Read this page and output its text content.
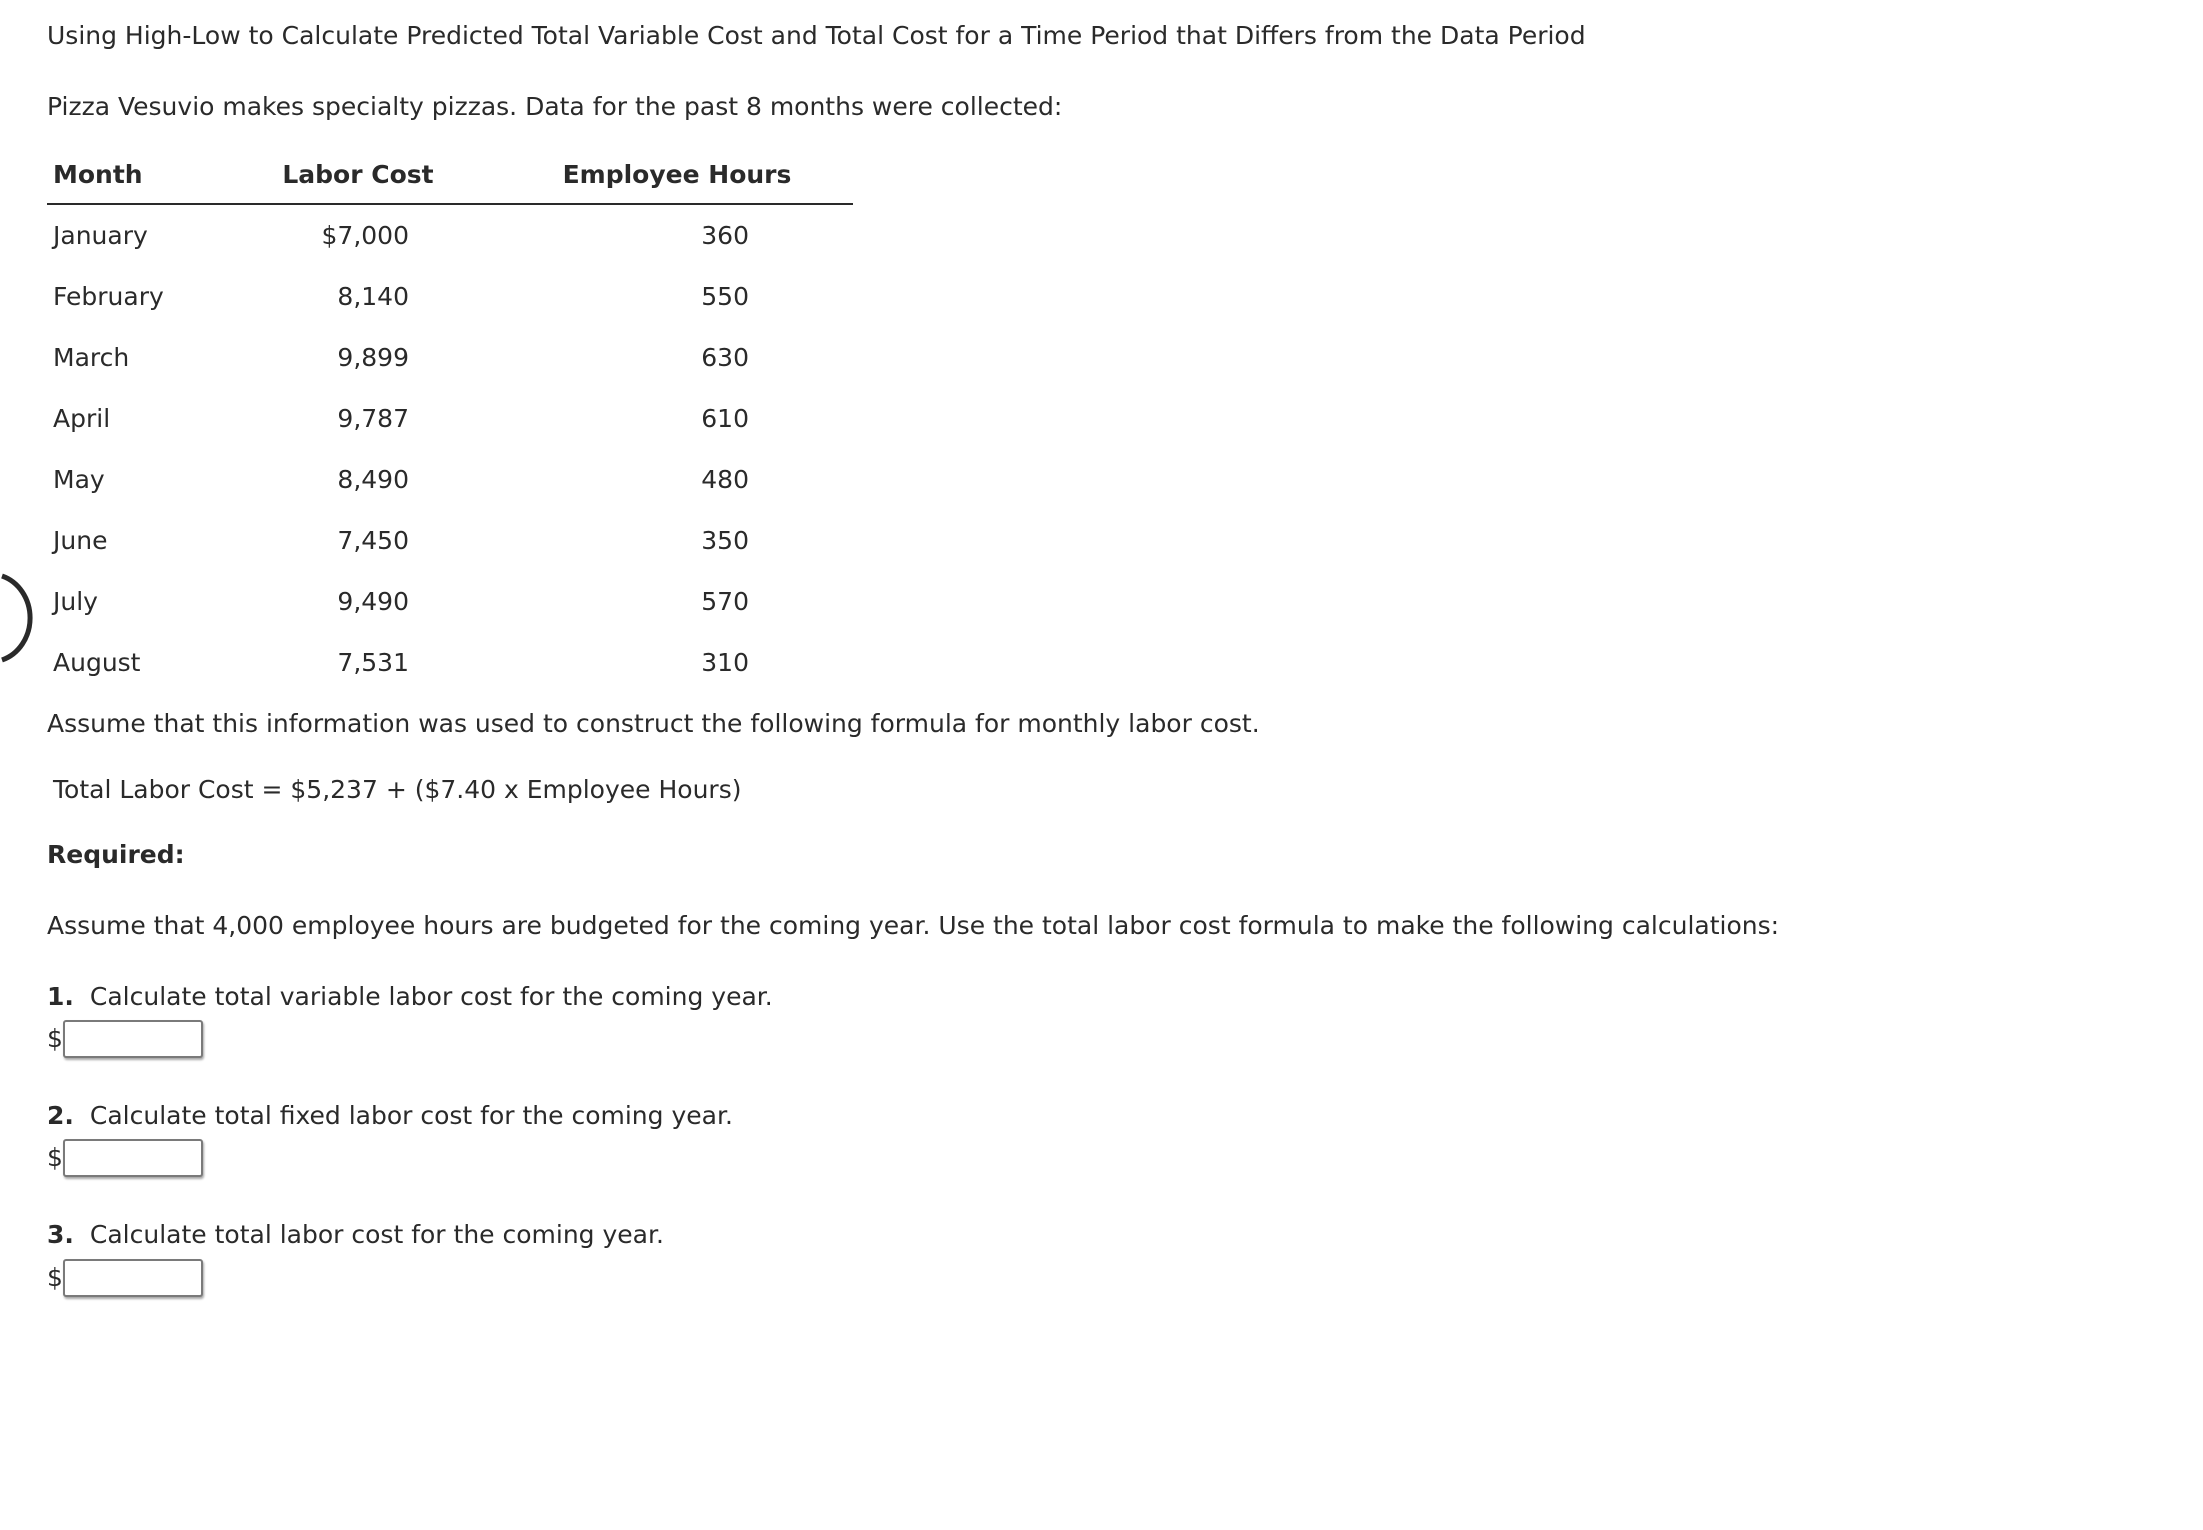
Using High-Low to Calculate Predicted Total Variable Cost and Total Cost for a Time Period that Differs from the Data Period
Pizza Vesuvio makes specialty pizzas. Data for the past 8 months were collected:
Month	Labor Cost	Employee Hours
January	$7,000	360
February	8,140	550
March	9,899	630
April	9,787	610
May	8,490	480
June	7,450	350
July	9,490	570
August	7,531	310
Assume that this information was used to construct the following formula for monthly labor cost.
Total Labor Cost = $5,237 + ($7.40 x Employee Hours)
Required:
Assume that 4,000 employee hours are budgeted for the coming year. Use the total labor cost formula to make the following calculations:
1. Calculate total variable labor cost for the coming year.
$
2. Calculate total fixed labor cost for the coming year.
$
3. Calculate total labor cost for the coming year.
$
